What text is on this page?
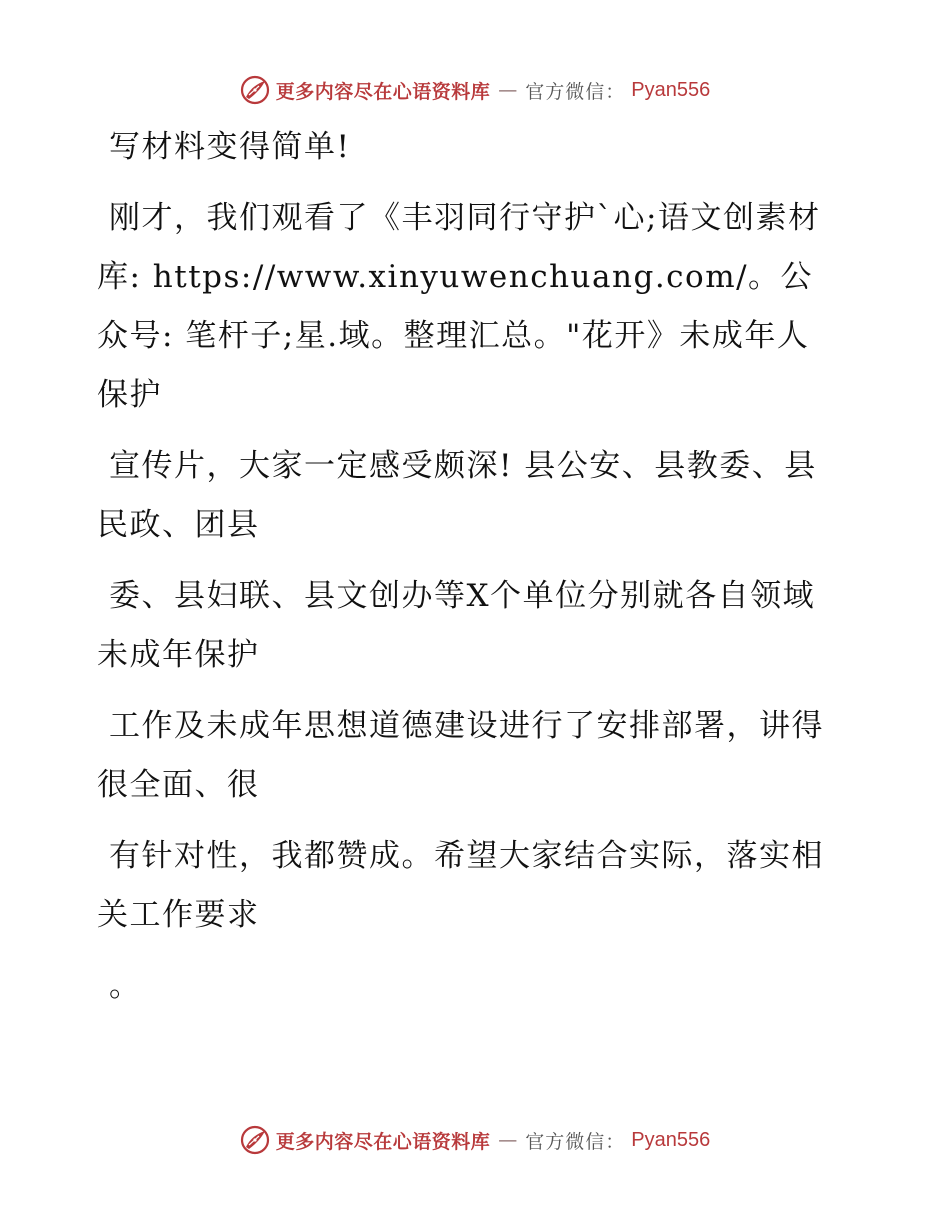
更多内容尽在心语资料库 — 官方微信： Pyan556

写材料变得简单!

刚才，我们观看了《丰羽同行守护`心;语文创素材库: https://www.xinyuwenchuang.com/。公众号: 笔杆子;星.域。整理汇总。"花开》未成年人保护

宣传片，大家一定感受颇深! 县公安、县教委、县民政、团县

委、县妇联、县文创办等X个单位分别就各自领域未成年保护

工作及未成年思想道德建设进行了安排部署，讲得很全面、很

有针对性，我都赞成。希望大家结合实际，落实相关工作要求

。

更多内容尽在心语资料库 — 官方微信： Pyan556
